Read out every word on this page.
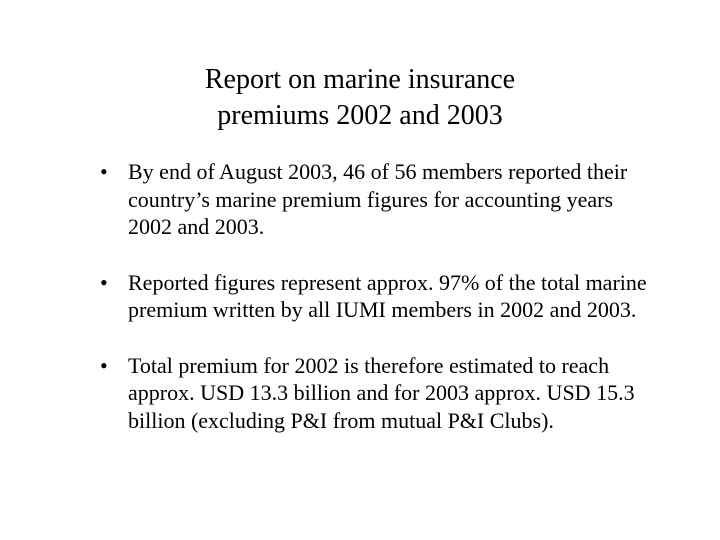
Report on marine insurance
premiums 2002 and 2003
• By end of August 2003, 46 of 56 members reported their country’s marine premium figures for accounting years 2002 and 2003.
• Reported figures represent approx. 97% of the total marine premium written by all IUMI members in 2002 and 2003.
• Total premium for 2002 is therefore estimated to reach approx. USD 13.3 billion and for 2003 approx. USD 15.3 billion (excluding P&I from mutual P&I Clubs).
